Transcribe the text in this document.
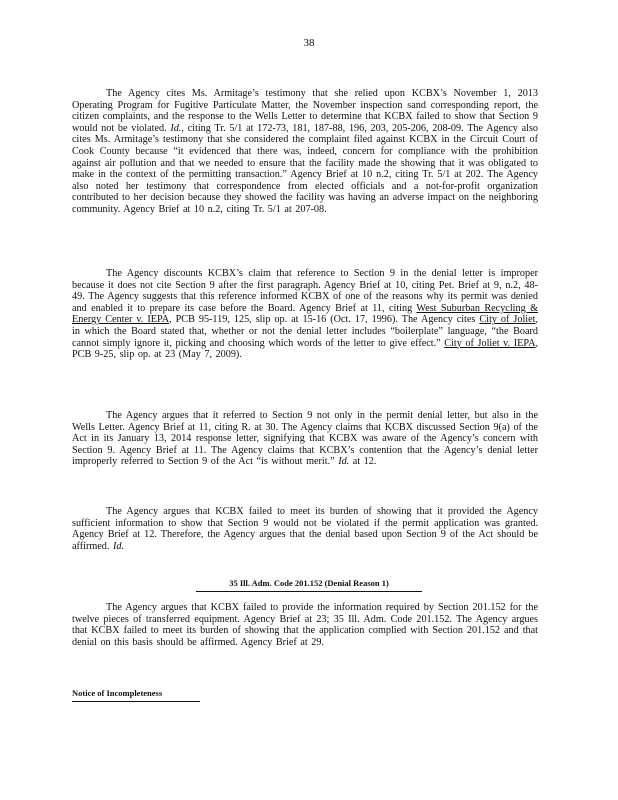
38

The Agency cites Ms. Armitage’s testimony that she relied upon KCBX’s November 1, 2013 Operating Program for Fugitive Particulate Matter, the November inspection sand corresponding report, the citizen complaints, and the response to the Wells Letter to determine that KCBX failed to show that Section 9 would not be violated. Id., citing Tr. 5/1 at 172-73, 181, 187-88, 196, 203, 205-206, 208-09. The Agency also cites Ms. Armitage’s testimony that she considered the complaint filed against KCBX in the Circuit Court of Cook County because “it evidenced that there was, indeed, concern for compliance with the prohibition against air pollution and that we needed to ensure that the facility made the showing that it was obligated to make in the context of the permitting transaction.” Agency Brief at 10 n.2, citing Tr. 5/1 at 202. The Agency also noted her testimony that correspondence from elected officials and a not-for-profit organization contributed to her decision because they showed the facility was having an adverse impact on the neighboring community. Agency Brief at 10 n.2, citing Tr. 5/1 at 207-08.

The Agency discounts KCBX’s claim that reference to Section 9 in the denial letter is improper because it does not cite Section 9 after the first paragraph. Agency Brief at 10, citing Pet. Brief at 9, n.2, 48-49. The Agency suggests that this reference informed KCBX of one of the reasons why its permit was denied and enabled it to prepare its case before the Board. Agency Brief at 11, citing West Suburban Recycling & Energy Center v. IEPA, PCB 95-119, 125, slip op. at 15-16 (Oct. 17, 1996). The Agency cites City of Joliet, in which the Board stated that, whether or not the denial letter includes “boilerplate” language, “the Board cannot simply ignore it, picking and choosing which words of the letter to give effect.” City of Joliet v. IEPA, PCB 9-25, slip op. at 23 (May 7, 2009).

The Agency argues that it referred to Section 9 not only in the permit denial letter, but also in the Wells Letter. Agency Brief at 11, citing R. at 30. The Agency claims that KCBX discussed Section 9(a) of the Act in its January 13, 2014 response letter, signifying that KCBX was aware of the Agency’s concern with Section 9. Agency Brief at 11. The Agency claims that KCBX’s contention that the Agency’s denial letter improperly referred to Section 9 of the Act “is without merit.” Id. at 12.

The Agency argues that KCBX failed to meet its burden of showing that it provided the Agency sufficient information to show that Section 9 would not be violated if the permit application was granted. Agency Brief at 12. Therefore, the Agency argues that the denial based upon Section 9 of the Act should be affirmed. Id.

35 Ill. Adm. Code 201.152 (Denial Reason 1)

The Agency argues that KCBX failed to provide the information required by Section 201.152 for the twelve pieces of transferred equipment. Agency Brief at 23; 35 Ill. Adm. Code 201.152. The Agency argues that KCBX failed to meet its burden of showing that the application complied with Section 201.152 and that denial on this basis should be affirmed. Agency Brief at 29.

Notice of Incompleteness
